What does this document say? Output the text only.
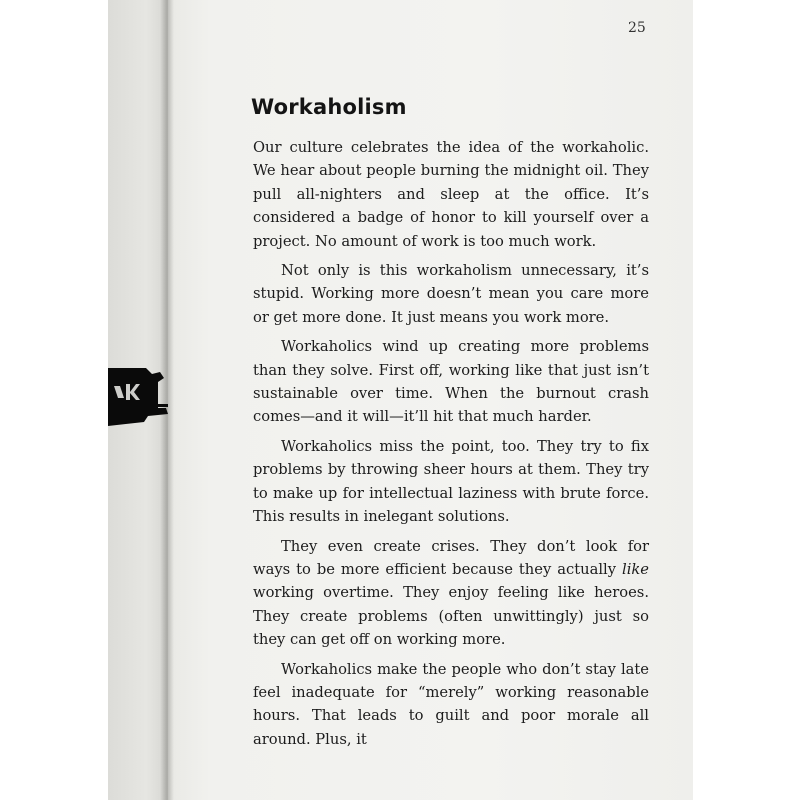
25
Workaholism

Our culture celebrates the idea of the workaholic. We hear about people burning the midnight oil. They pull all-nighters and sleep at the office. It’s considered a badge of honor to kill yourself over a project. No amount of work is too much work.

Not only is this workaholism unnecessary, it’s stupid. Working more doesn’t mean you care more or get more done. It just means you work more.

Workaholics wind up creating more problems than they solve. First off, working like that just isn’t sustainable over time. When the burnout crash comes—and it will—it’ll hit that much harder.

Workaholics miss the point, too. They try to fix problems by throwing sheer hours at them. They try to make up for intellectual laziness with brute force. This results in inelegant solutions.

They even create crises. They don’t look for ways to be more efficient because they actually like working overtime. They enjoy feeling like heroes. They create problems (often unwittingly) just so they can get off on working more.

Workaholics make the people who don’t stay late feel inadequate for “merely” working reasonable hours. That leads to guilt and poor morale all around. Plus, it
